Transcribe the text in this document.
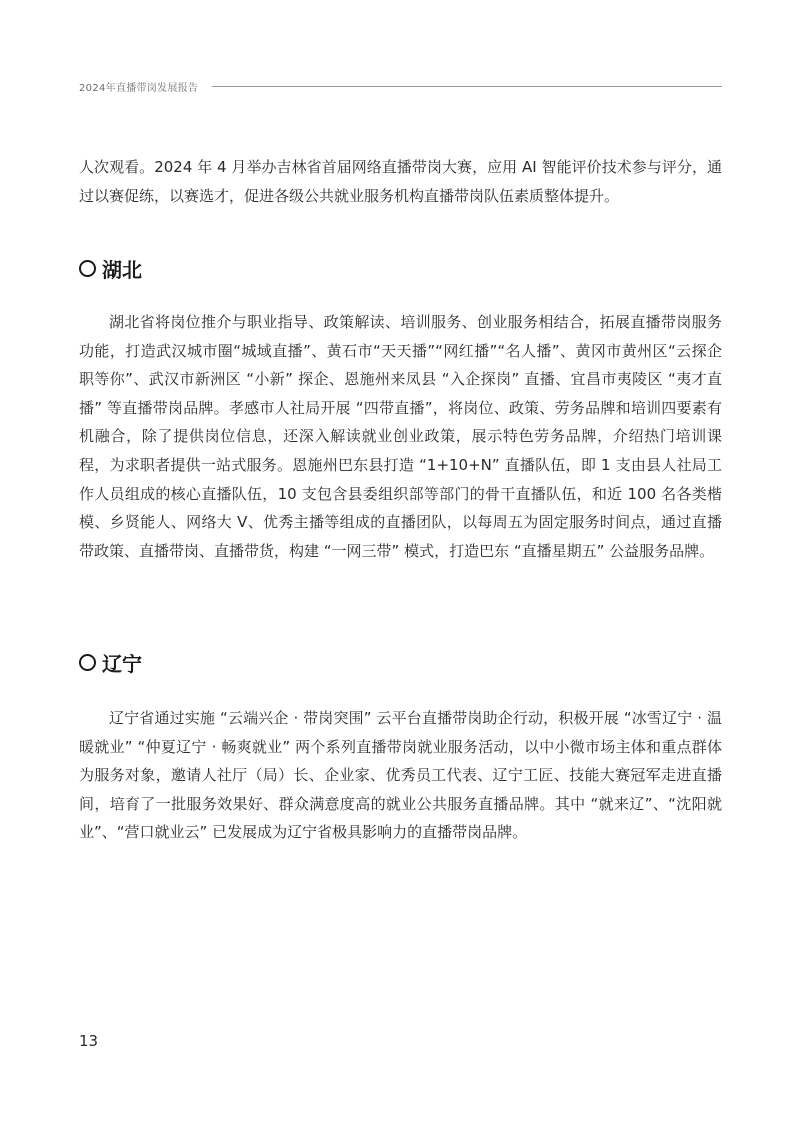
2024年直播带岗发展报告

人次观看。2024 年 4 月举办吉林省首届网络直播带岗大赛，应用 AI 智能评价技术参与评分，通过以赛促练，以赛选才，促进各级公共就业服务机构直播带岗队伍素质整体提升。

湖北

湖北省将岗位推介与职业指导、政策解读、培训服务、创业服务相结合，拓展直播带岗服务功能，打造武汉城市圈“城域直播”、黄石市“天天播”“网红播”“名人播”、黄冈市黄州区“云探企 职等你”、武汉市新洲区 “小新” 探企、恩施州来凤县 “入企探岗” 直播、宜昌市夷陵区 “夷才直播” 等直播带岗品牌。孝感市人社局开展 “四带直播”，将岗位、政策、劳务品牌和培训四要素有机融合，除了提供岗位信息，还深入解读就业创业政策，展示特色劳务品牌，介绍热门培训课程，为求职者提供一站式服务。恩施州巴东县打造 “1+10+N” 直播队伍，即 1 支由县人社局工作人员组成的核心直播队伍，10 支包含县委组织部等部门的骨干直播队伍，和近 100 名各类楷模、乡贤能人、网络大 V、优秀主播等组成的直播团队，以每周五为固定服务时间点，通过直播带政策、直播带岗、直播带货，构建 “一网三带” 模式，打造巴东 “直播星期五” 公益服务品牌。

辽宁

辽宁省通过实施 “云端兴企 · 带岗突围” 云平台直播带岗助企行动，积极开展 “冰雪辽宁 · 温暖就业” “仲夏辽宁 · 畅爽就业” 两个系列直播带岗就业服务活动，以中小微市场主体和重点群体为服务对象，邀请人社厅（局）长、企业家、优秀员工代表、辽宁工匠、技能大赛冠军走进直播间，培育了一批服务效果好、群众满意度高的就业公共服务直播品牌。其中 “就来辽”、“沈阳就业”、“营口就业云” 已发展成为辽宁省极具影响力的直播带岗品牌。

13
